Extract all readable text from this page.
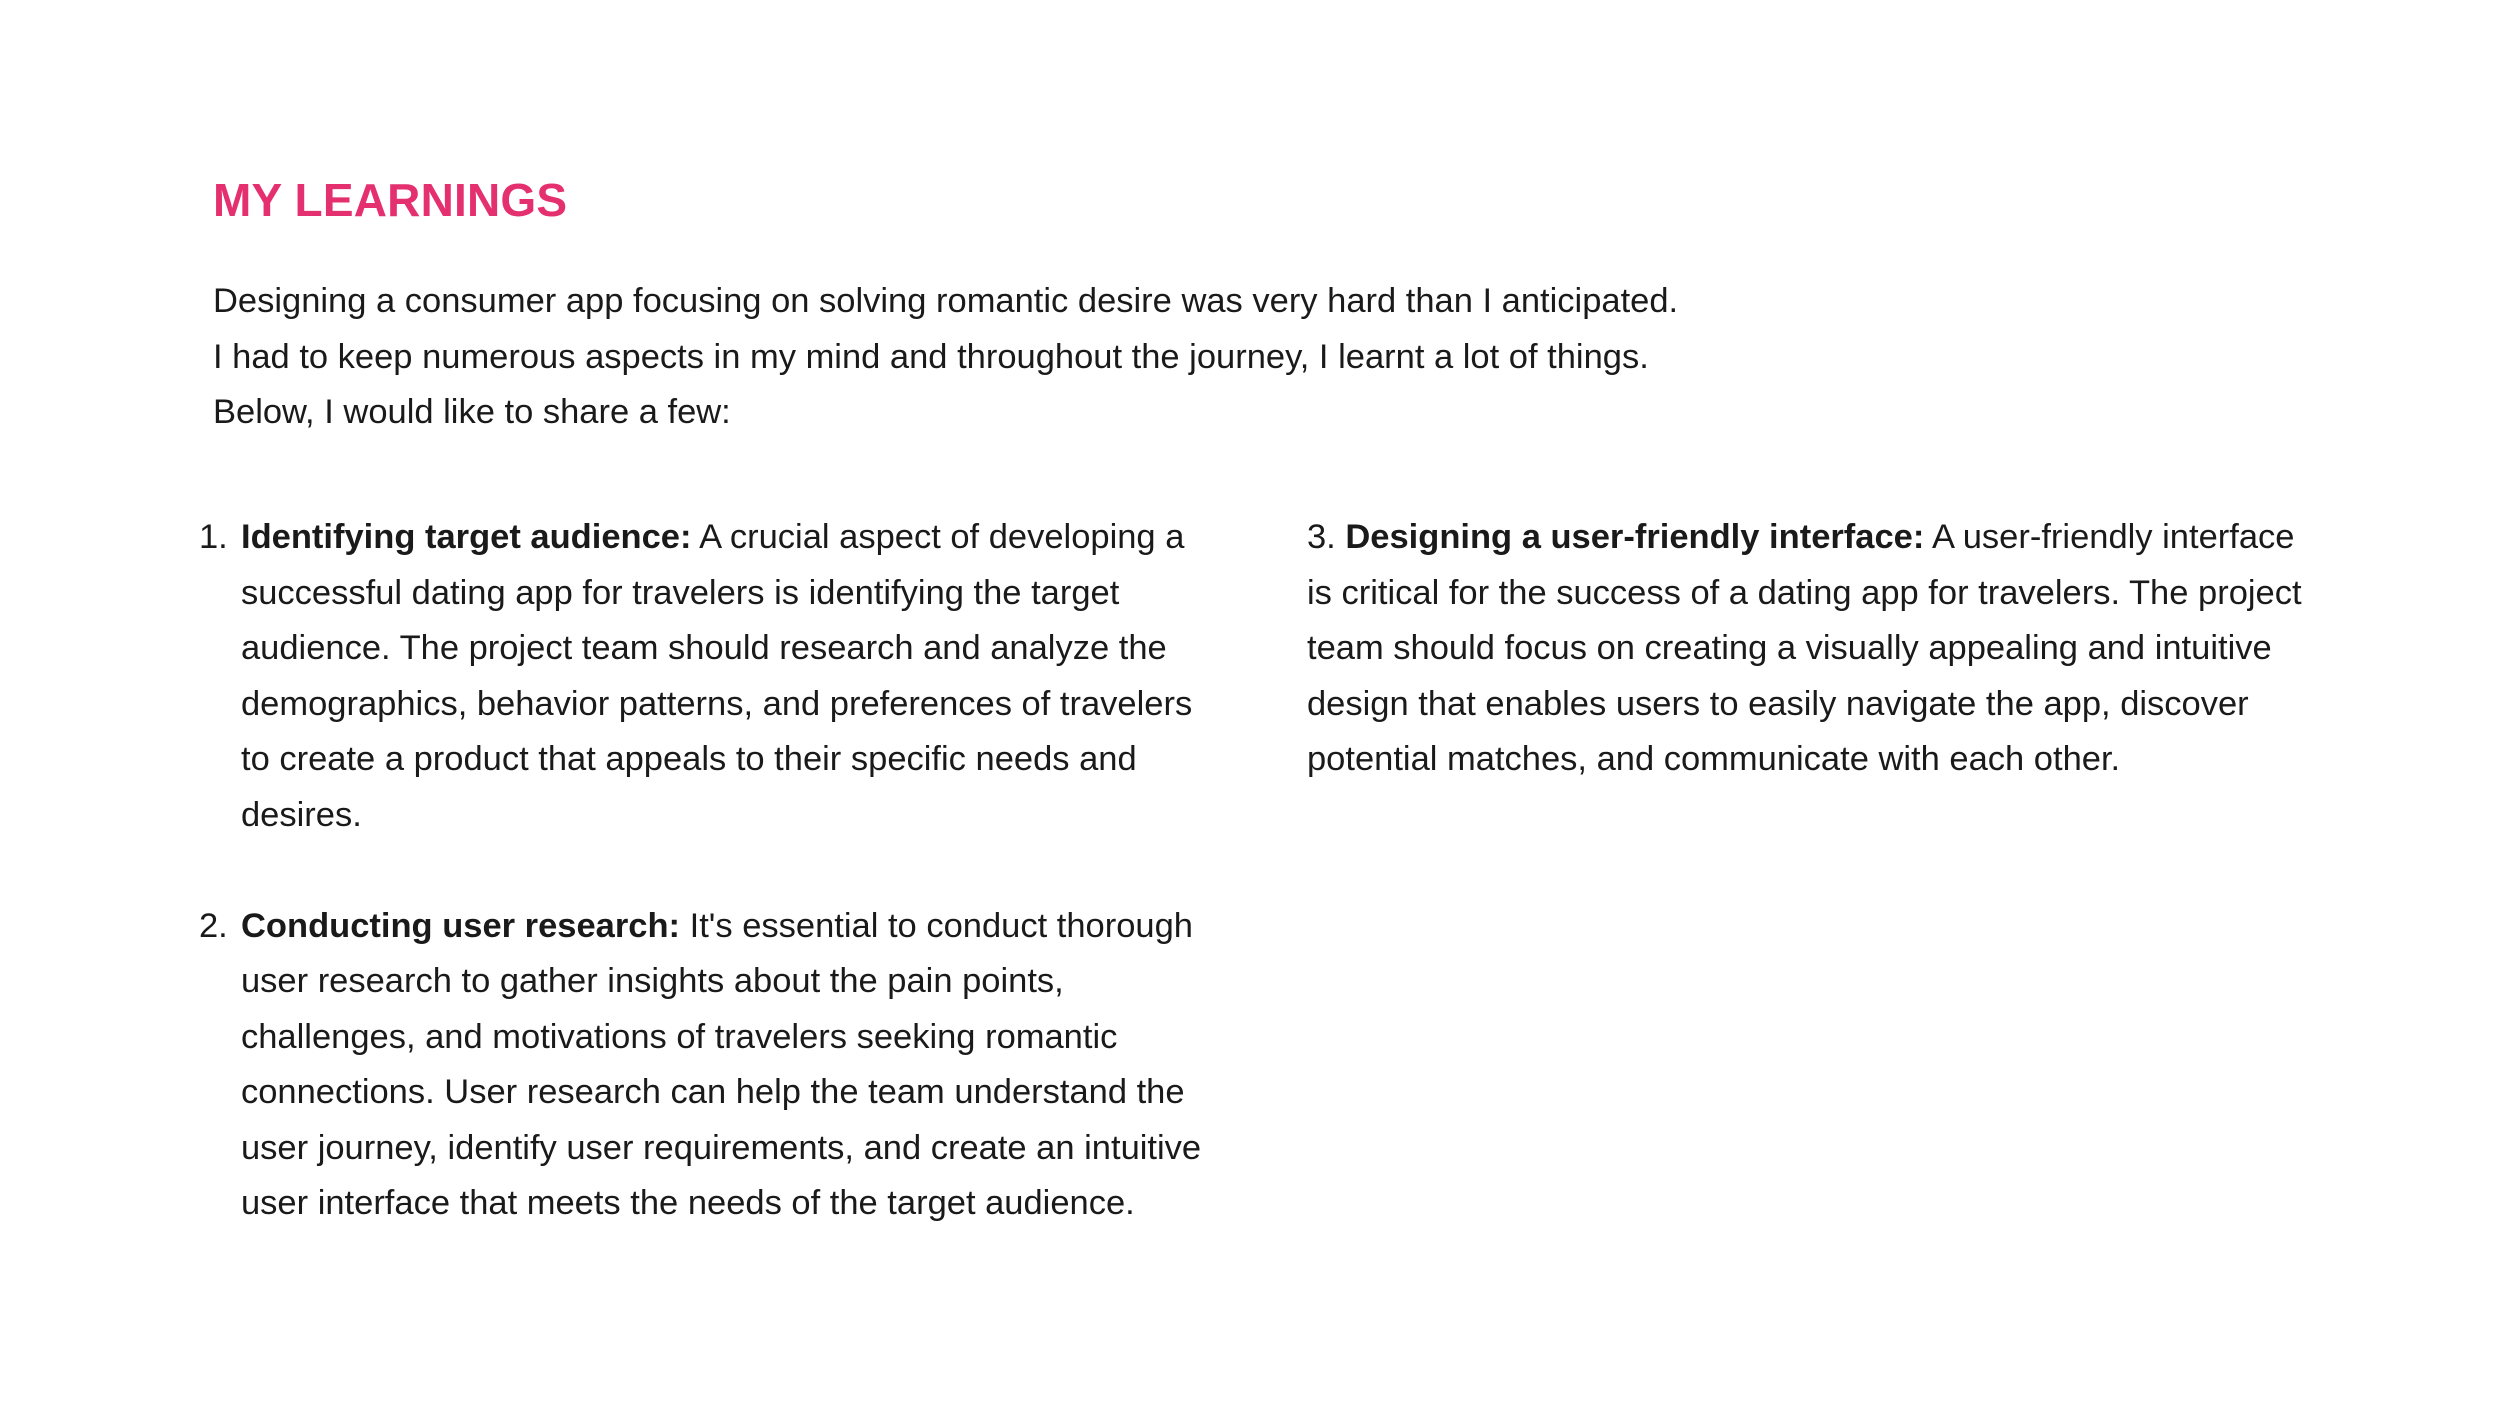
MY LEARNINGS

Designing a consumer app focusing on solving romantic desire was very hard than I anticipated. I had to keep numerous aspects in my mind and throughout the journey, I learnt a lot of things. Below, I would like to share a few:

1. Identifying target audience: A crucial aspect of developing a successful dating app for travelers is identifying the target audience. The project team should research and analyze the demographics, behavior patterns, and preferences of travelers to create a product that appeals to their specific needs and desires.
2. Conducting user research: It's essential to conduct thorough user research to gather insights about the pain points, challenges, and motivations of travelers seeking romantic connections. User research can help the team understand the user journey, identify user requirements, and create an intuitive user interface that meets the needs of the target audience.
3. Designing a user-friendly interface: A user-friendly interface is critical for the success of a dating app for travelers. The project team should focus on creating a visually appealing and intuitive design that enables users to easily navigate the app, discover potential matches, and communicate with each other.
